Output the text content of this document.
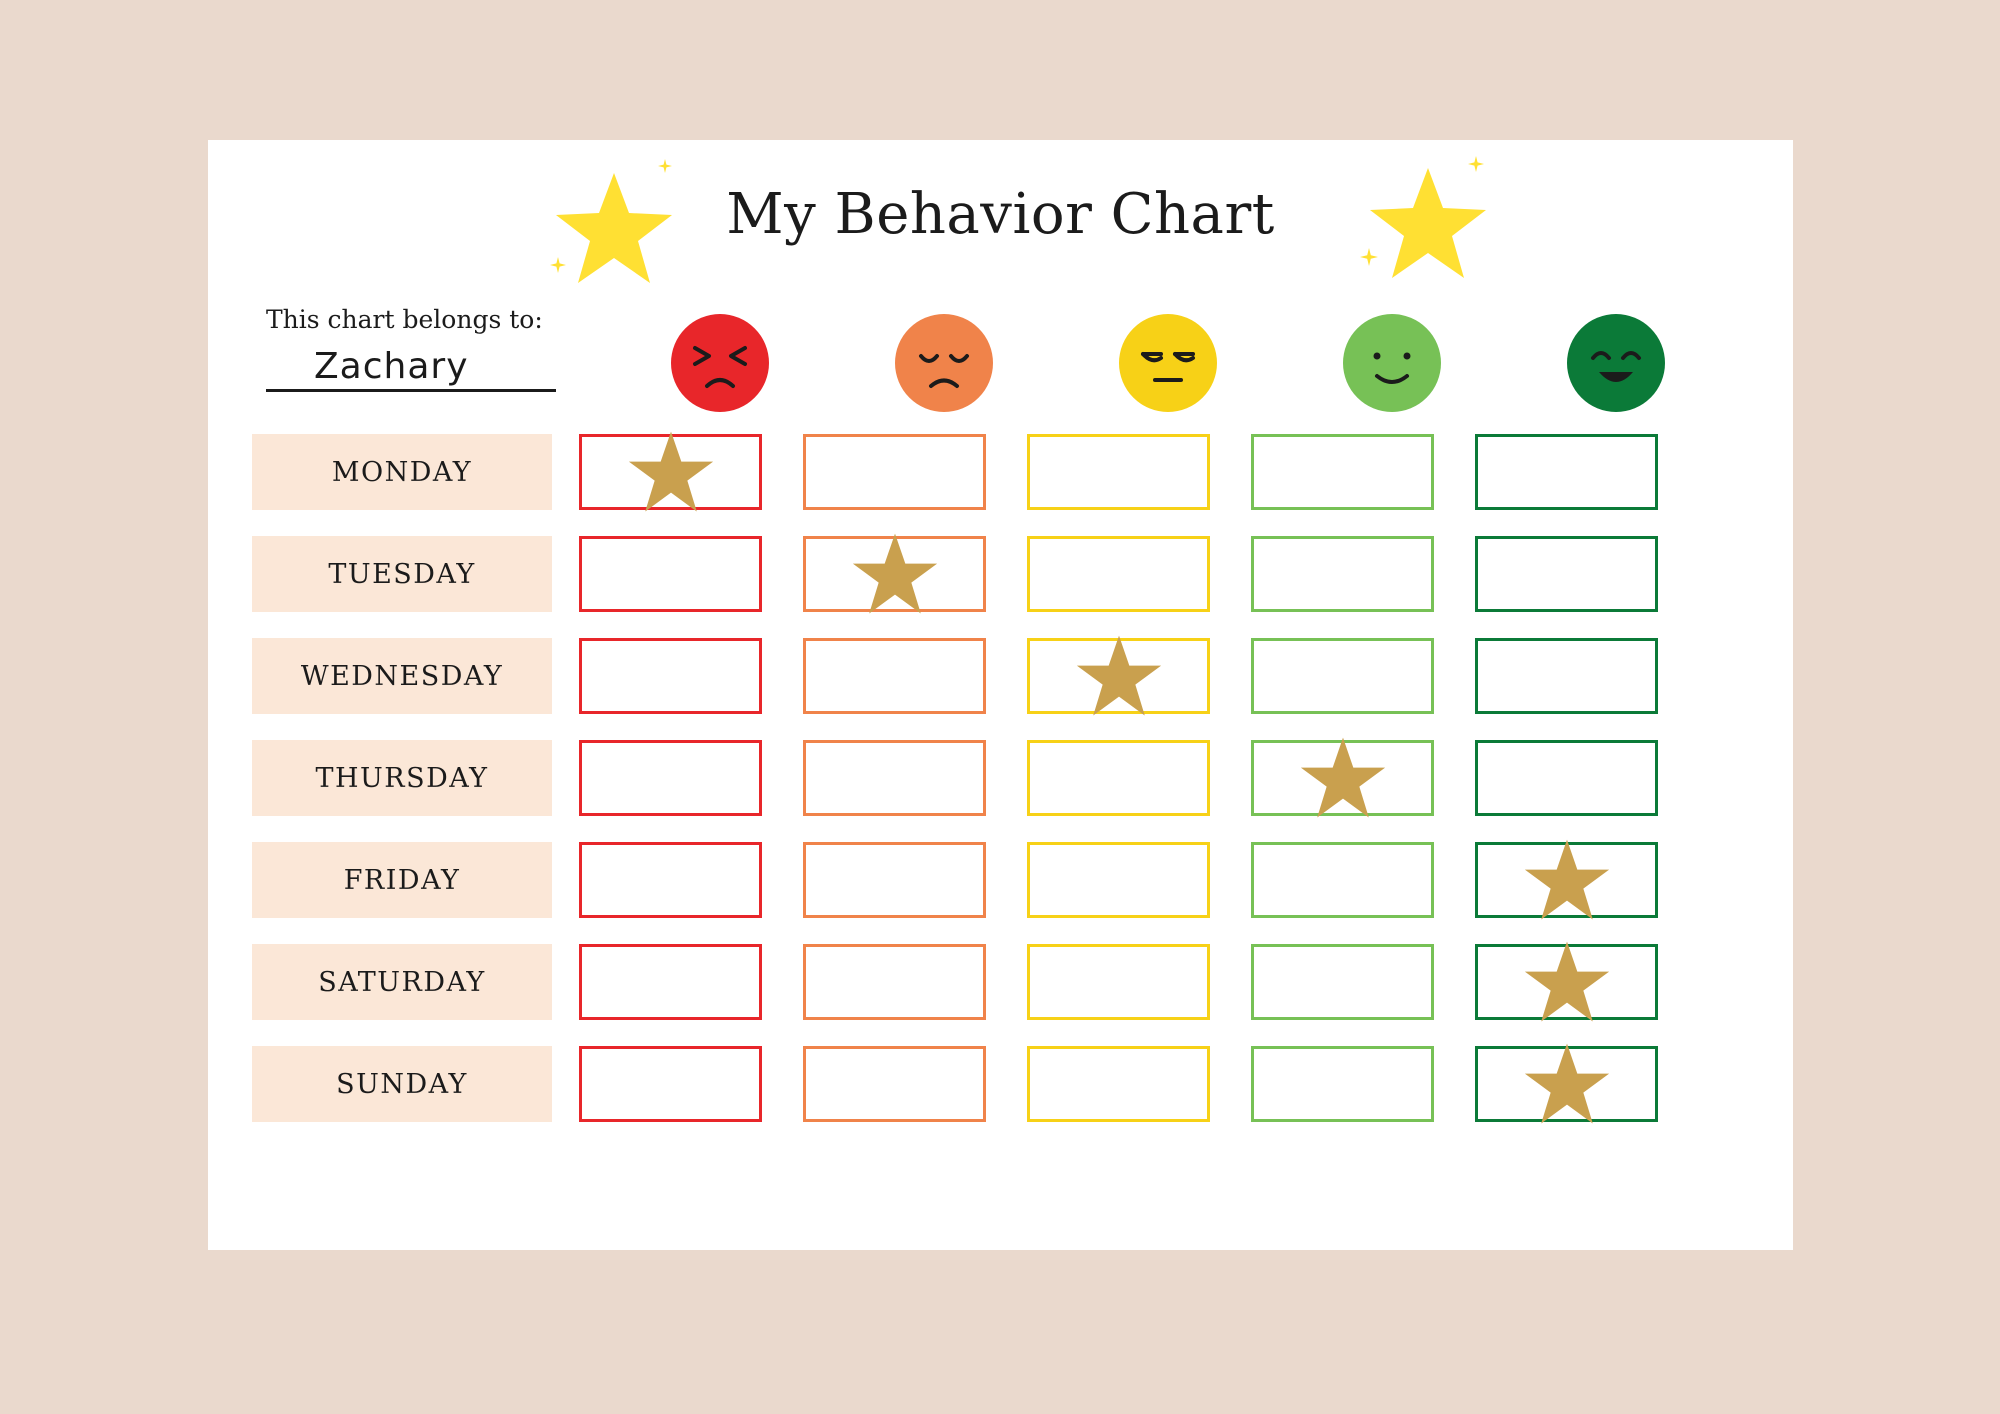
My Behavior Chart
This chart belongs to:
Zachary
MONDAY
TUESDAY
WEDNESDAY
THURSDAY
FRIDAY
SATURDAY
SUNDAY
